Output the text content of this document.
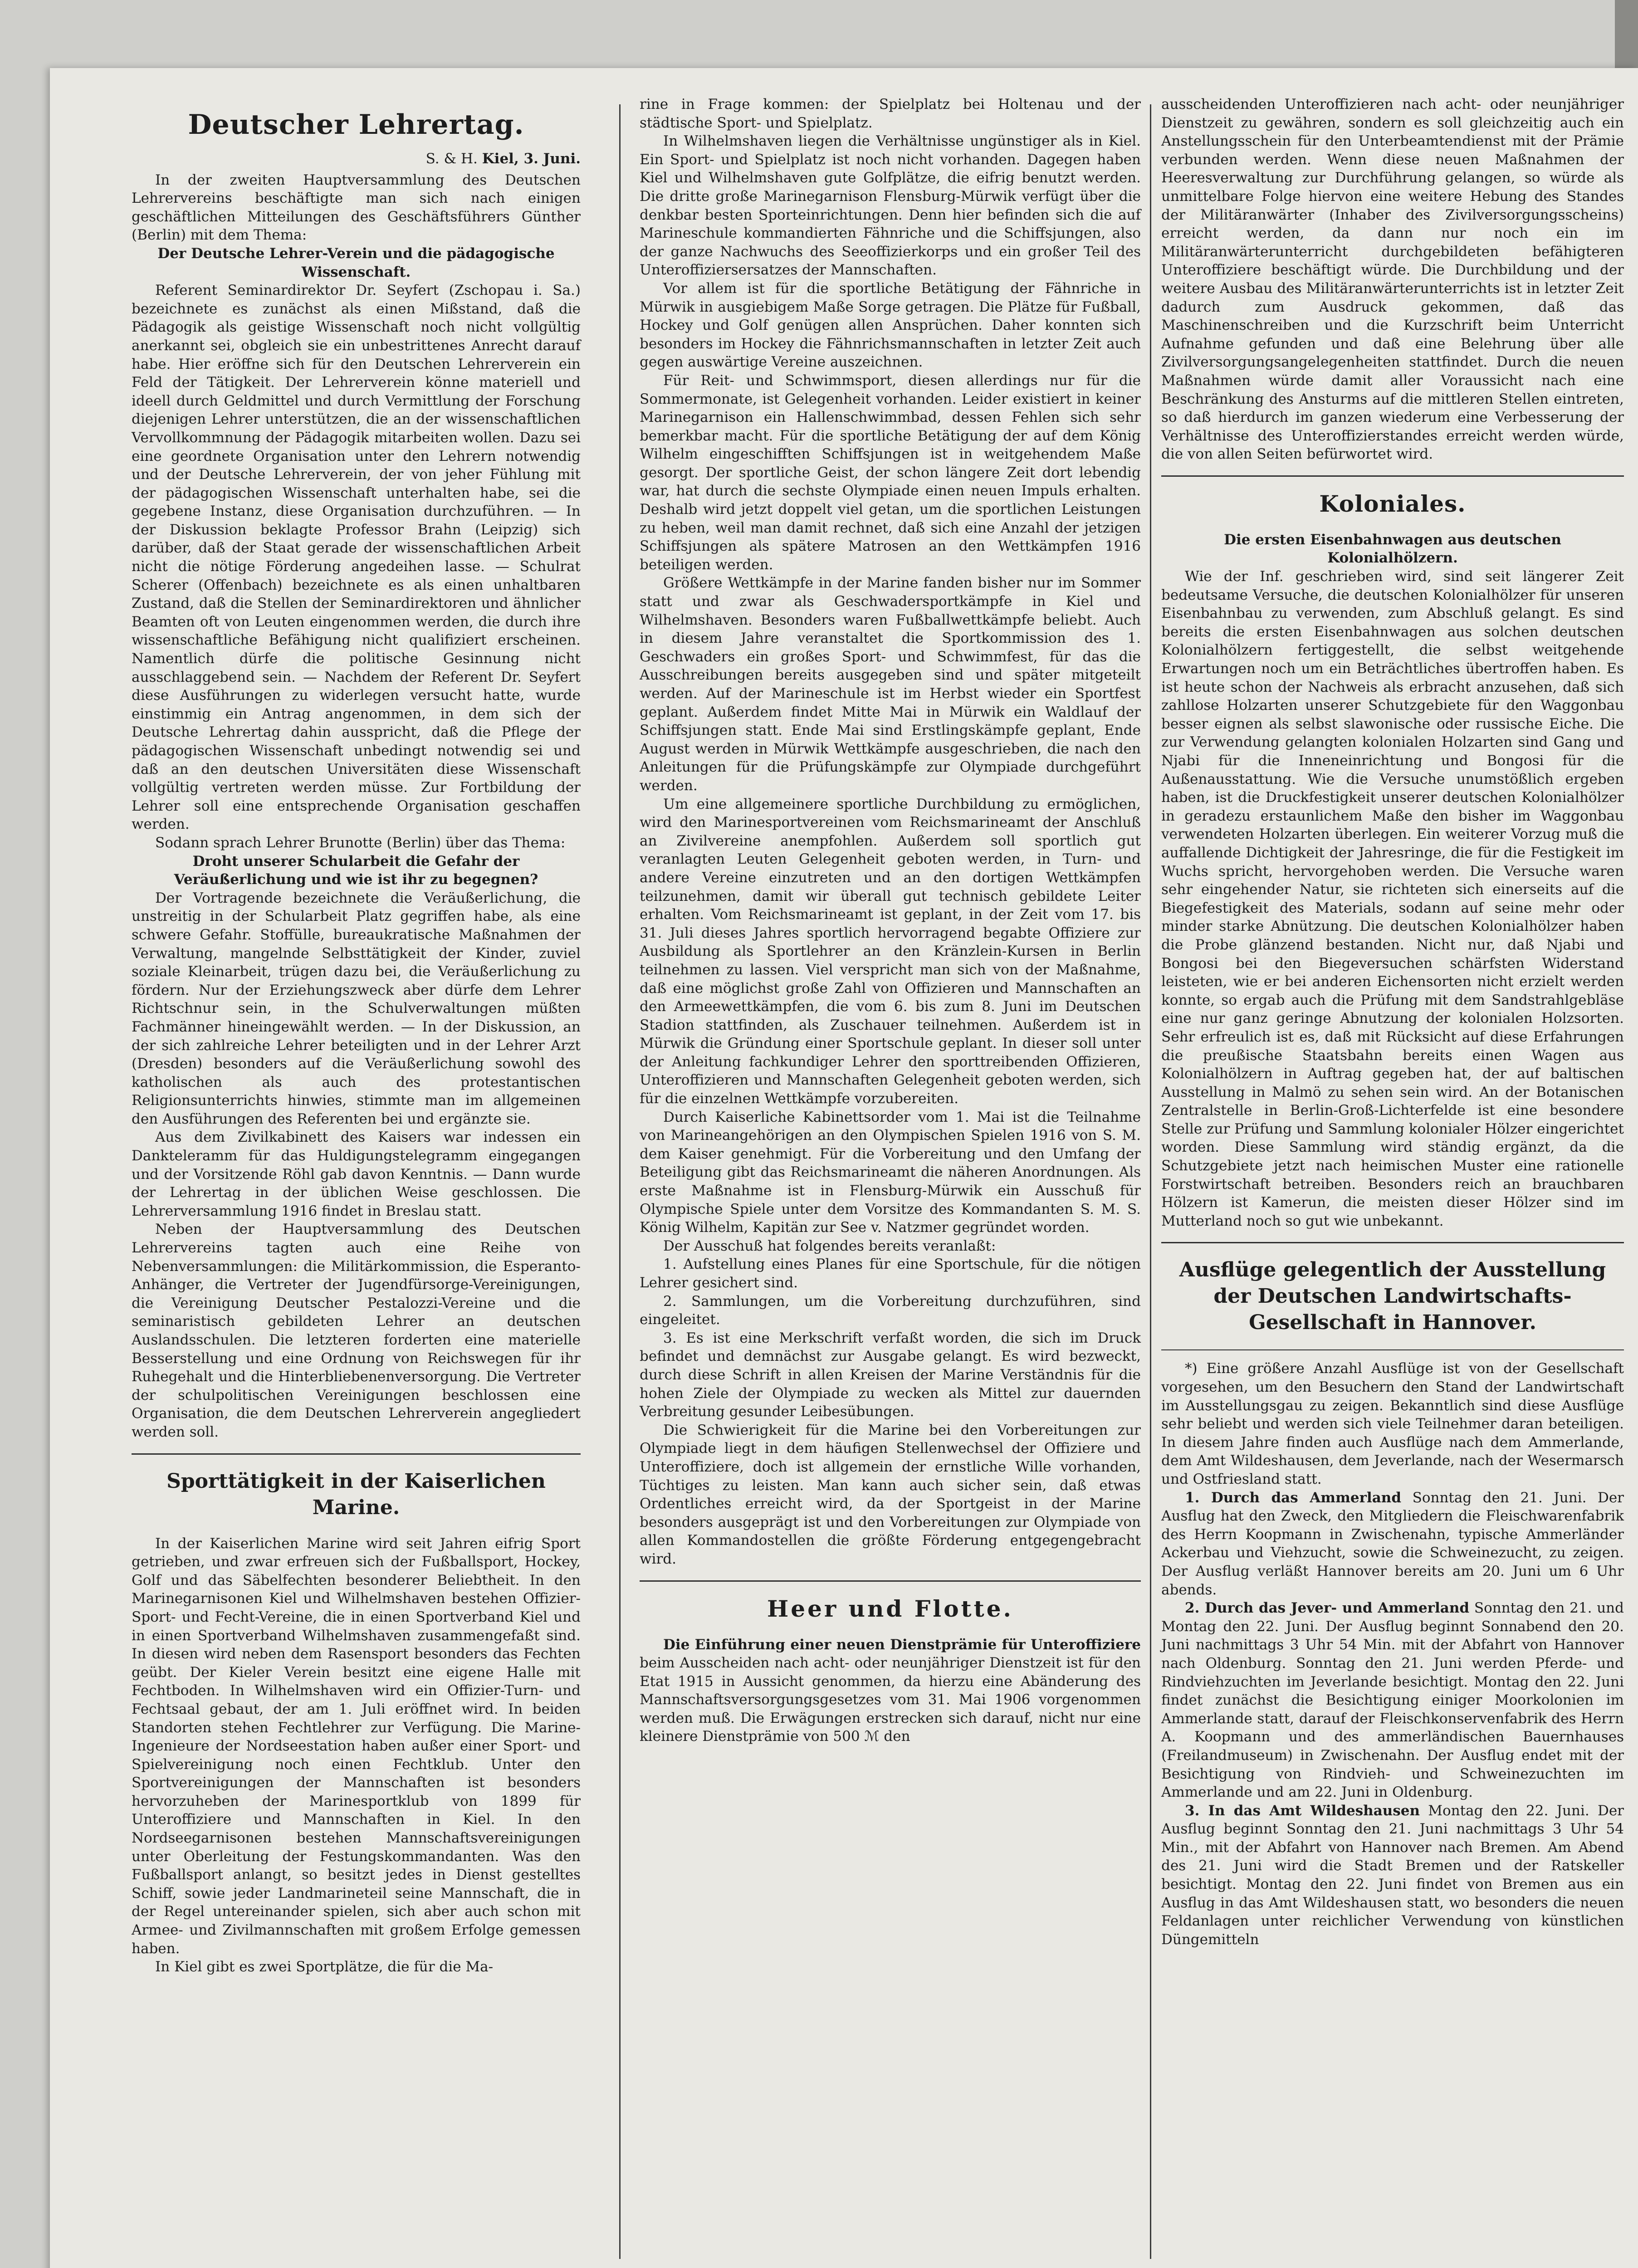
Deutscher Lehrertag.
S. & H. Kiel, 3. Juni.

In der zweiten Hauptversammlung des Deutschen Lehrervereins beschäftigte man sich nach einigen geschäftlichen Mitteilungen des Geschäftsführers Günther (Berlin) mit dem Thema:

Der Deutsche Lehrer-Verein und die pädagogische Wissenschaft.

Referent Seminardirektor Dr. Seyfert (Zschopau i. Sa.) bezeichnete es zunächst als einen Mißstand, daß die Pädagogik als geistige Wissenschaft noch nicht vollgültig anerkannt sei, obgleich sie ein unbestrittenes Anrecht darauf habe. Hier eröffne sich für den Deutschen Lehrerverein ein Feld der Tätigkeit. Der Lehrerverein könne materiell und ideell durch Geldmittel und durch Vermittlung der Forschung diejenigen Lehrer unterstützen, die an der wissenschaftlichen Vervollkommnung der Pädagogik mitarbeiten wollen. Dazu sei eine geordnete Organisation unter den Lehrern notwendig und der Deutsche Lehrerverein, der von jeher Fühlung mit der pädagogischen Wissenschaft unterhalten habe, sei die gegebene Instanz, diese Organisation durchzuführen. — In der Diskussion beklagte Professor Brahn (Leipzig) sich darüber, daß der Staat gerade der wissenschaftlichen Arbeit nicht die nötige Förderung angedeihen lasse. — Schulrat Scherer (Offenbach) bezeichnete es als einen unhaltbaren Zustand, daß die Stellen der Seminardirektoren und ähnlicher Beamten oft von Leuten eingenommen werden, die durch ihre wissenschaftliche Befähigung nicht qualifiziert erscheinen. Namentlich dürfe die politische Gesinnung nicht ausschlaggebend sein. — Nachdem der Referent Dr. Seyfert diese Ausführungen zu widerlegen versucht hatte, wurde einstimmig ein Antrag angenommen, in dem sich der Deutsche Lehrertag dahin ausspricht, daß die Pflege der pädagogischen Wissenschaft unbedingt notwendig sei und daß an den deutschen Universitäten diese Wissenschaft vollgültig vertreten werden müsse. Zur Fortbildung der Lehrer soll eine entsprechende Organisation geschaffen werden.

Sodann sprach Lehrer Brunotte (Berlin) über das Thema:

Droht unserer Schularbeit die Gefahr der Veräußerlichung und wie ist ihr zu begegnen?

Der Vortragende bezeichnete die Veräußerlichung, die unstreitig in der Schularbeit Platz gegriffen habe, als eine schwere Gefahr. Stoffülle, bureaukratische Maßnahmen der Verwaltung, mangelnde Selbsttätigkeit der Kinder, zuviel soziale Kleinarbeit, trügen dazu bei, die Veräußerlichung zu fördern. Nur der Erziehungszweck aber dürfe dem Lehrer Richtschnur sein, in the Schulverwaltungen müßten Fachmänner hineingewählt werden. — In der Diskussion, an der sich zahlreiche Lehrer beteiligten und in der Lehrer Arzt (Dresden) besonders auf die Veräußerlichung sowohl des katholischen als auch des protestantischen Religionsunterrichts hinwies, stimmte man im allgemeinen den Ausführungen des Referenten bei und ergänzte sie.

Aus dem Zivilkabinett des Kaisers war indessen ein Dankteleramm für das Huldigungstelegramm eingegangen und der Vorsitzende Röhl gab davon Kenntnis. — Dann wurde der Lehrertag in der üblichen Weise geschlossen. Die Lehrerversammlung 1916 findet in Breslau statt.

Neben der Hauptversammlung des Deutschen Lehrervereins tagten auch eine Reihe von Nebenversammlungen: die Militärkommission, die Esperanto-Anhänger, die Vertreter der Jugendfürsorge-Vereinigungen, die Vereinigung Deutscher Pestalozzi-Vereine und die seminaristisch gebildeten Lehrer an deutschen Auslandsschulen. Die letzteren forderten eine materielle Besserstellung und eine Ordnung von Reichswegen für ihr Ruhegehalt und die Hinterbliebenenversorgung. Die Vertreter der schulpolitischen Vereinigungen beschlossen eine Organisation, die dem Deutschen Lehrerverein angegliedert werden soll.

Sporttätigkeit in der Kaiserlichen Marine.

In der Kaiserlichen Marine wird seit Jahren eifrig Sport getrieben, und zwar erfreuen sich der Fußballsport, Hockey, Golf und das Säbelfechten besonderer Beliebtheit. In den Marinegarnisonen Kiel und Wilhelmshaven bestehen Offizier-Sport- und Fecht-Vereine, die in einen Sportverband Kiel und in einen Sportverband Wilhelmshaven zusammengefaßt sind. In diesen wird neben dem Rasensport besonders das Fechten geübt. Der Kieler Verein besitzt eine eigene Halle mit Fechtboden. In Wilhelmshaven wird ein Offizier-Turn- und Fechtsaal gebaut, der am 1. Juli eröffnet wird. In beiden Standorten stehen Fechtlehrer zur Verfügung. Die Marine-Ingenieure der Nordseestation haben außer einer Sport- und Spielvereinigung noch einen Fechtklub. Unter den Sportvereinigungen der Mannschaften ist besonders hervorzuheben der Marinesportklub von 1899 für Unteroffiziere und Mannschaften in Kiel. In den Nordseegarnisonen bestehen Mannschaftsvereinigungen unter Oberleitung der Festungskommandanten. Was den Fußballsport anlangt, so besitzt jedes in Dienst gestelltes Schiff, sowie jeder Landmarineteil seine Mannschaft, die in der Regel untereinander spielen, sich aber auch schon mit Armee- und Zivilmannschaften mit großem Erfolge gemessen haben.

In Kiel gibt es zwei Sportplätze, die für die Ma-

rine in Frage kommen: der Spielplatz bei Holtenau und der städtische Sport- und Spielplatz.

In Wilhelmshaven liegen die Verhältnisse ungünstiger als in Kiel. Ein Sport- und Spielplatz ist noch nicht vorhanden. Dagegen haben Kiel und Wilhelmshaven gute Golfplätze, die eifrig benutzt werden. Die dritte große Marinegarnison Flensburg-Mürwik verfügt über die denkbar besten Sporteinrichtungen. Denn hier befinden sich die auf Marineschule kommandierten Fähnriche und die Schiffsjungen, also der ganze Nachwuchs des Seeoffizierkorps und ein großer Teil des Unteroffiziersersatzes der Mannschaften.

Vor allem ist für die sportliche Betätigung der Fähnriche in Mürwik in ausgiebigem Maße Sorge getragen. Die Plätze für Fußball, Hockey und Golf genügen allen Ansprüchen. Daher konnten sich besonders im Hockey die Fähnrichsmannschaften in letzter Zeit auch gegen auswärtige Vereine auszeichnen.

Für Reit- und Schwimmsport, diesen allerdings nur für die Sommermonate, ist Gelegenheit vorhanden. Leider existiert in keiner Marinegarnison ein Hallenschwimmbad, dessen Fehlen sich sehr bemerkbar macht. Für die sportliche Betätigung der auf dem König Wilhelm eingeschifften Schiffsjungen ist in weitgehendem Maße gesorgt. Der sportliche Geist, der schon längere Zeit dort lebendig war, hat durch die sechste Olympiade einen neuen Impuls erhalten. Deshalb wird jetzt doppelt viel getan, um die sportlichen Leistungen zu heben, weil man damit rechnet, daß sich eine Anzahl der jetzigen Schiffsjungen als spätere Matrosen an den Wettkämpfen 1916 beteiligen werden.

Größere Wettkämpfe in der Marine fanden bisher nur im Sommer statt und zwar als Geschwadersportkämpfe in Kiel und Wilhelmshaven. Besonders waren Fußballwettkämpfe beliebt. Auch in diesem Jahre veranstaltet die Sportkommission des 1. Geschwaders ein großes Sport- und Schwimmfest, für das die Ausschreibungen bereits ausgegeben sind und später mitgeteilt werden. Auf der Marineschule ist im Herbst wieder ein Sportfest geplant. Außerdem findet Mitte Mai in Mürwik ein Waldlauf der Schiffsjungen statt. Ende Mai sind Erstlingskämpfe geplant, Ende August werden in Mürwik Wettkämpfe ausgeschrieben, die nach den Anleitungen für die Prüfungskämpfe zur Olympiade durchgeführt werden.

Um eine allgemeinere sportliche Durchbildung zu ermöglichen, wird den Marinesportvereinen vom Reichsmarineamt der Anschluß an Zivilvereine anempfohlen. Außerdem soll sportlich gut veranlagten Leuten Gelegenheit geboten werden, in Turn- und andere Vereine einzutreten und an den dortigen Wettkämpfen teilzunehmen, damit wir überall gut technisch gebildete Leiter erhalten. Vom Reichsmarineamt ist geplant, in der Zeit vom 17. bis 31. Juli dieses Jahres sportlich hervorragend begabte Offiziere zur Ausbildung als Sportlehrer an den Kränzlein-Kursen in Berlin teilnehmen zu lassen. Viel verspricht man sich von der Maßnahme, daß eine möglichst große Zahl von Offizieren und Mannschaften an den Armeewettkämpfen, die vom 6. bis zum 8. Juni im Deutschen Stadion stattfinden, als Zuschauer teilnehmen. Außerdem ist in Mürwik die Gründung einer Sportschule geplant. In dieser soll unter der Anleitung fachkundiger Lehrer den sporttreibenden Offizieren, Unteroffizieren und Mannschaften Gelegenheit geboten werden, sich für die einzelnen Wettkämpfe vorzubereiten.

Durch Kaiserliche Kabinettsorder vom 1. Mai ist die Teilnahme von Marineangehörigen an den Olympischen Spielen 1916 von S. M. dem Kaiser genehmigt. Für die Vorbereitung und den Umfang der Beteiligung gibt das Reichsmarineamt die näheren Anordnungen. Als erste Maßnahme ist in Flensburg-Mürwik ein Ausschuß für Olympische Spiele unter dem Vorsitze des Kommandanten S. M. S. König Wilhelm, Kapitän zur See v. Natzmer gegründet worden.

Der Ausschuß hat folgendes bereits veranlaßt:

1. Aufstellung eines Planes für eine Sportschule, für die nötigen Lehrer gesichert sind.

2. Sammlungen, um die Vorbereitung durchzuführen, sind eingeleitet.

3. Es ist eine Merkschrift verfaßt worden, die sich im Druck befindet und demnächst zur Ausgabe gelangt. Es wird bezweckt, durch diese Schrift in allen Kreisen der Marine Verständnis für die hohen Ziele der Olympiade zu wecken als Mittel zur dauernden Verbreitung gesunder Leibesübungen.

Die Schwierigkeit für die Marine bei den Vorbereitungen zur Olympiade liegt in dem häufigen Stellenwechsel der Offiziere und Unteroffiziere, doch ist allgemein der ernstliche Wille vorhanden, Tüchtiges zu leisten. Man kann auch sicher sein, daß etwas Ordentliches erreicht wird, da der Sportgeist in der Marine besonders ausgeprägt ist und den Vorbereitungen zur Olympiade von allen Kommandostellen die größte Förderung entgegengebracht wird.

Heer und Flotte.

Die Einführung einer neuen Dienstprämie für Unteroffiziere beim Ausscheiden nach acht- oder neunjähriger Dienstzeit ist für den Etat 1915 in Aussicht genommen, da hierzu eine Abänderung des Mannschaftsversorgungsgesetzes vom 31. Mai 1906 vorgenommen werden muß. Die Erwägungen erstrecken sich darauf, nicht nur eine kleinere Dienstprämie von 500 ℳ den

ausscheidenden Unteroffizieren nach acht- oder neunjähriger Dienstzeit zu gewähren, sondern es soll gleichzeitig auch ein Anstellungsschein für den Unterbeamtendienst mit der Prämie verbunden werden. Wenn diese neuen Maßnahmen der Heeresverwaltung zur Durchführung gelangen, so würde als unmittelbare Folge hiervon eine weitere Hebung des Standes der Militäranwärter (Inhaber des Zivilversorgungsscheins) erreicht werden, da dann nur noch ein im Militäranwärterunterricht durchgebildeten befähigteren Unteroffiziere beschäftigt würde. Die Durchbildung und der weitere Ausbau des Militäranwärterunterrichts ist in letzter Zeit dadurch zum Ausdruck gekommen, daß das Maschinenschreiben und die Kurzschrift beim Unterricht Aufnahme gefunden und daß eine Belehrung über alle Zivilversorgungsangelegenheiten stattfindet. Durch die neuen Maßnahmen würde damit aller Voraussicht nach eine Beschränkung des Ansturms auf die mittleren Stellen eintreten, so daß hierdurch im ganzen wiederum eine Verbesserung der Verhältnisse des Unteroffizierstandes erreicht werden würde, die von allen Seiten befürwortet wird.

Koloniales.
Die ersten Eisenbahnwagen aus deutschen Kolonialhölzern.

Wie der Inf. geschrieben wird, sind seit längerer Zeit bedeutsame Versuche, die deutschen Kolonialhölzer für unseren Eisenbahnbau zu verwenden, zum Abschluß gelangt. Es sind bereits die ersten Eisenbahnwagen aus solchen deutschen Kolonialhölzern fertiggestellt, die selbst weitgehende Erwartungen noch um ein Beträchtliches übertroffen haben. Es ist heute schon der Nachweis als erbracht anzusehen, daß sich zahllose Holzarten unserer Schutzgebiete für den Waggonbau besser eignen als selbst slawonische oder russische Eiche. Die zur Verwendung gelangten kolonialen Holzarten sind Gang und Njabi für die Inneneinrichtung und Bongosi für die Außenausstattung. Wie die Versuche unumstößlich ergeben haben, ist die Druckfestigkeit unserer deutschen Kolonialhölzer in geradezu erstaunlichem Maße den bisher im Waggonbau verwendeten Holzarten überlegen. Ein weiterer Vorzug muß die auffallende Dichtigkeit der Jahresringe, die für die Festigkeit im Wuchs spricht, hervorgehoben werden. Die Versuche waren sehr eingehender Natur, sie richteten sich einerseits auf die Biegefestigkeit des Materials, sodann auf seine mehr oder minder starke Abnützung. Die deutschen Kolonialhölzer haben die Probe glänzend bestanden. Nicht nur, daß Njabi und Bongosi bei den Biegeversuchen schärfsten Widerstand leisteten, wie er bei anderen Eichensorten nicht erzielt werden konnte, so ergab auch die Prüfung mit dem Sandstrahlgebläse eine nur ganz geringe Abnutzung der kolonialen Holzsorten. Sehr erfreulich ist es, daß mit Rücksicht auf diese Erfahrungen die preußische Staatsbahn bereits einen Wagen aus Kolonialhölzern in Auftrag gegeben hat, der auf baltischen Ausstellung in Malmö zu sehen sein wird. An der Botanischen Zentralstelle in Berlin-Groß-Lichterfelde ist eine besondere Stelle zur Prüfung und Sammlung kolonialer Hölzer eingerichtet worden. Diese Sammlung wird ständig ergänzt, da die Schutzgebiete jetzt nach heimischen Muster eine rationelle Forstwirtschaft betreiben. Besonders reich an brauchbaren Hölzern ist Kamerun, die meisten dieser Hölzer sind im Mutterland noch so gut wie unbekannt.

Ausflüge gelegentlich der Ausstellung der Deutschen Landwirtschafts-Gesellschaft in Hannover.

*) Eine größere Anzahl Ausflüge ist von der Gesellschaft vorgesehen, um den Besuchern den Stand der Landwirtschaft im Ausstellungsgau zu zeigen. Bekanntlich sind diese Ausflüge sehr beliebt und werden sich viele Teilnehmer daran beteiligen. In diesem Jahre finden auch Ausflüge nach dem Ammerlande, dem Amt Wildeshausen, dem Jeverlande, nach der Wesermarsch und Ostfriesland statt.

1. Durch das Ammerland Sonntag den 21. Juni. Der Ausflug hat den Zweck, den Mitgliedern die Fleischwarenfabrik des Herrn Koopmann in Zwischenahn, typische Ammerländer Ackerbau und Viehzucht, sowie die Schweinezucht, zu zeigen. Der Ausflug verläßt Hannover bereits am 20. Juni um 6 Uhr abends.

2. Durch das Jever- und Ammerland Sonntag den 21. und Montag den 22. Juni. Der Ausflug beginnt Sonnabend den 20. Juni nachmittags 3 Uhr 54 Min. mit der Abfahrt von Hannover nach Oldenburg. Sonntag den 21. Juni werden Pferde- und Rindviehzuchten im Jeverlande besichtigt. Montag den 22. Juni findet zunächst die Besichtigung einiger Moorkolonien im Ammerlande statt, darauf der Fleischkonservenfabrik des Herrn A. Koopmann und des ammerländischen Bauernhauses (Freilandmuseum) in Zwischenahn. Der Ausflug endet mit der Besichtigung von Rindvieh- und Schweinezuchten im Ammerlande und am 22. Juni in Oldenburg.

3. In das Amt Wildeshausen Montag den 22. Juni. Der Ausflug beginnt Sonntag den 21. Juni nachmittags 3 Uhr 54 Min., mit der Abfahrt von Hannover nach Bremen. Am Abend des 21. Juni wird die Stadt Bremen und der Ratskeller besichtigt. Montag den 22. Juni findet von Bremen aus ein Ausflug in das Amt Wildeshausen statt, wo besonders die neuen Feldanlagen unter reichlicher Verwendung von künstlichen Düngemitteln
